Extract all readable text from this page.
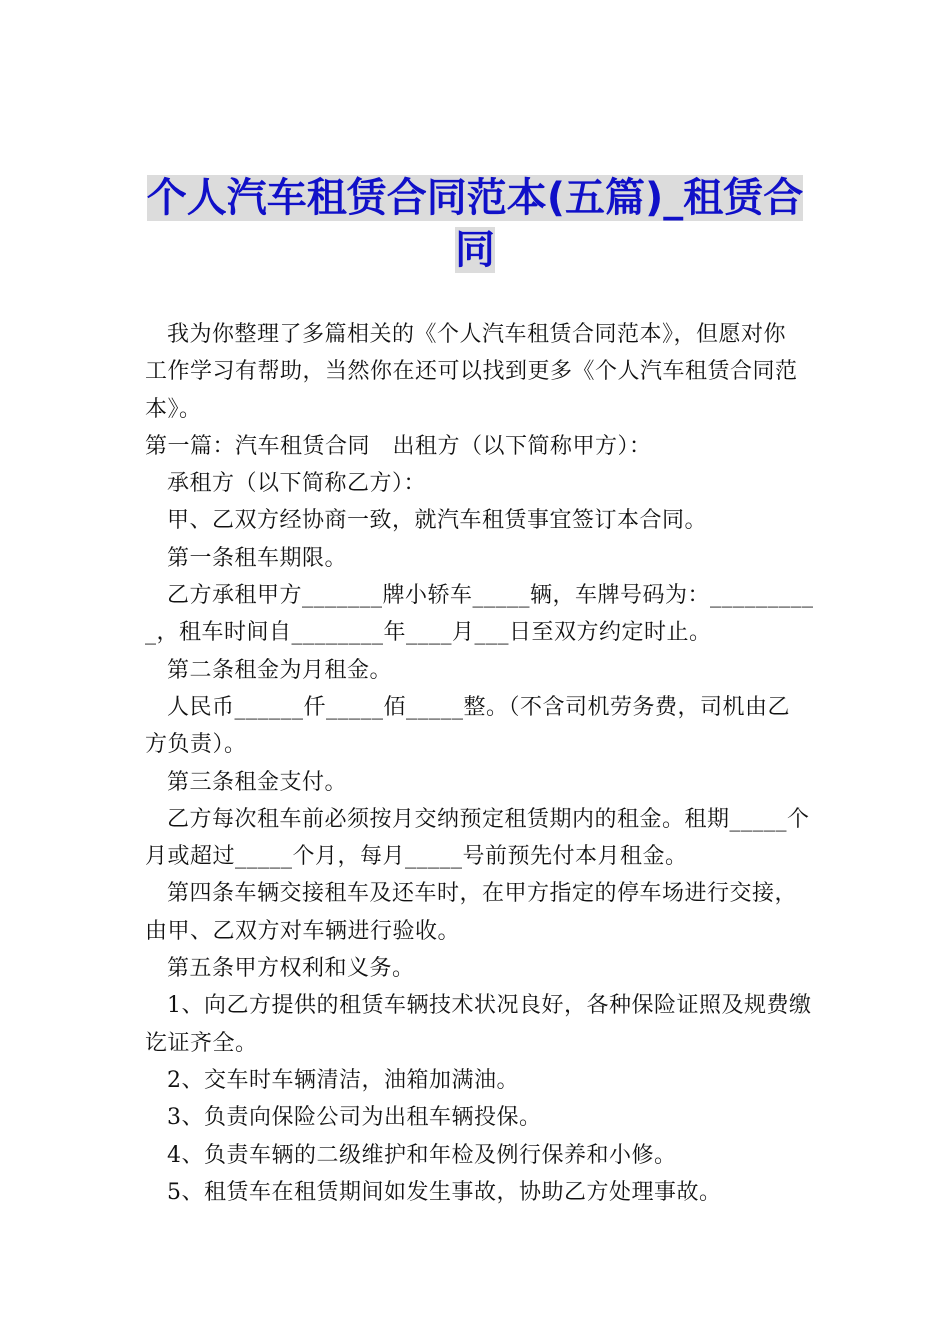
个人汽车租赁合同范本(五篇)_租赁合
同

我为你整理了多篇相关的《个人汽车租赁合同范本》，但愿对你

工作学习有帮助，当然你在还可以找到更多《个人汽车租赁合同范

本》。

第一篇：汽车租赁合同　出租方（以下简称甲方）：

承租方（以下简称乙方）：

甲、乙双方经协商一致，就汽车租赁事宜签订本合同。

第一条租车期限。

乙方承租甲方_______牌小轿车_____辆，车牌号码为：_________

_，租车时间自________年____月___日至双方约定时止。

第二条租金为月租金。

人民币______仟_____佰_____整。（不含司机劳务费，司机由乙

方负责）。

第三条租金支付。

乙方每次租车前必须按月交纳预定租赁期内的租金。租期_____个

月或超过_____个月，每月_____号前预先付本月租金。

第四条车辆交接租车及还车时，在甲方指定的停车场进行交接，

由甲、乙双方对车辆进行验收。

第五条甲方权利和义务。

1、向乙方提供的租赁车辆技术状况良好，各种保险证照及规费缴

讫证齐全。

2、交车时车辆清洁，油箱加满油。

3、负责向保险公司为出租车辆投保。

4、负责车辆的二级维护和年检及例行保养和小修。

5、租赁车在租赁期间如发生事故，协助乙方处理事故。
